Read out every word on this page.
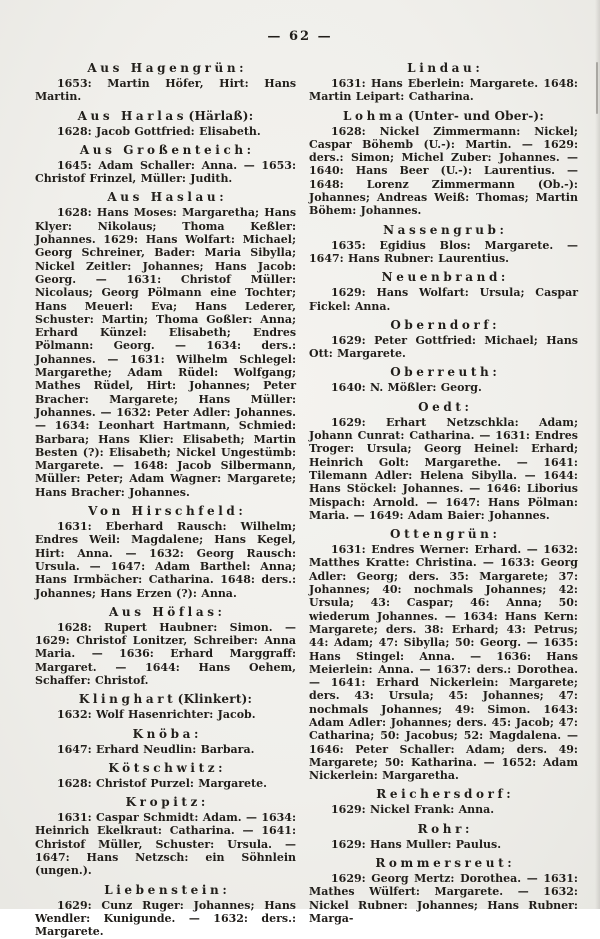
— 62 —
Aus Hagengrün:

1653: Martin Höfer, Hirt: Hans Martin.

Aus Harlas(Härlaß):

1628: Jacob Gottfried: Elisabeth.

Aus Großenteich:

1645: Adam Schaller: Anna. — 1653: Christof Frinzel, Müller: Judith.

Aus Haslau:

1628: Hans Moses: Margaretha; Hans Klyer: Nikolaus; Thoma Keßler: Johannes. 1629: Hans Wolfart: Michael; Georg Schreiner, Bader: Maria Sibylla; Nickel Zeitler: Johannes; Hans Jacob: Georg. — 1631: Christof Müller: Nicolaus; Georg Pölmann eine Tochter; Hans Meuerl: Eva; Hans Lederer, Schuster: Martin; Thoma Goßler: Anna; Erhard Künzel: Elisabeth; Endres Pölmann: Georg. — 1634: ders.: Johannes. — 1631: Wilhelm Schlegel: Margarethe; Adam Rüdel: Wolfgang; Mathes Rüdel, Hirt: Johannes; Peter Bracher: Margarete; Hans Müller: Johannes. — 1632: Peter Adler: Johannes. — 1634: Leonhart Hartmann, Schmied: Barbara; Hans Klier: Elisabeth; Martin Besten (?): Elisabeth; Nickel Ungestümb: Margarete. — 1648: Jacob Silbermann, Müller: Peter; Adam Wagner: Margarete; Hans Bracher: Johannes.

Von Hirschfeld:

1631: Eberhard Rausch: Wilhelm; Endres Weil: Magdalene; Hans Kegel, Hirt: Anna. — 1632: Georg Rausch: Ursula. — 1647: Adam Barthel: Anna; Hans Irmbächer: Catharina. 1648: ders.: Johannes; Hans Erzen (?): Anna.

Aus Höflas:

1628: Rupert Haubner: Simon. — 1629: Christof Lonitzer, Schreiber: Anna Maria. — 1636: Erhard Marggraff: Margaret. — 1644: Hans Oehem, Schaffer: Christof.

Klinghart(Klinkert):

1632: Wolf Hasenrichter: Jacob.

Knöba:

1647: Erhard Neudlin: Barbara.

Kötschwitz:

1628: Christof Purzel: Margarete.

Kropitz:

1631: Caspar Schmidt: Adam. — 1634: Heinrich Ekelkraut: Catharina. — 1641: Christof Müller, Schuster: Ursula. — 1647: Hans Netzsch: ein Söhnlein (ungen.).

Liebenstein:

1629: Cunz Ruger: Johannes; Hans Wendler: Kunigunde. — 1632: ders.: Margarete.

Lindau:

1631: Hans Eberlein: Margarete. 1648: Martin Leipart: Catharina.

Lohma(Unter- und Ober-):

1628: Nickel Zimmermann: Nickel; Caspar Böhemb (U.-): Martin. — 1629: ders.: Simon; Michel Zuber: Johannes. — 1640: Hans Beer (U.-): Laurentius. — 1648: Lorenz Zimmermann (Ob.-): Johannes; Andreas Weiß: Thomas; Martin Böhem: Johannes.

Nassengrub:

1635: Egidius Blos: Margarete. — 1647: Hans Rubner: Laurentius.

Neuenbrand:

1629: Hans Wolfart: Ursula; Caspar Fickel: Anna.

Oberndorf:

1629: Peter Gottfried: Michael; Hans Ott: Margarete.

Oberreuth:

1640: N. Mößler: Georg.

Oedt:

1629: Erhart Netzschkla: Adam; Johann Cunrat: Catharina. — 1631: Endres Troger: Ursula; Georg Heinel: Erhard; Heinrich Golt: Margarethe. — 1641: Tilemann Adler: Helena Sibylla. — 1644: Hans Stöckel: Johannes. — 1646: Liborius Mispach: Arnold. — 1647: Hans Pölman: Maria. — 1649: Adam Baier: Johannes.

Ottengrün:

1631: Endres Werner: Erhard. — 1632: Matthes Kratte: Christina. — 1633: Georg Adler: Georg; ders. 35: Margarete; 37: Johannes; 40: nochmals Johannes; 42: Ursula; 43: Caspar; 46: Anna; 50: wiederum Johannes. — 1634: Hans Kern: Margarete; ders. 38: Erhard; 43: Petrus; 44: Adam; 47: Sibylla; 50: Georg. — 1635: Hans Stingel: Anna. — 1636: Hans Meierlein: Anna. — 1637: ders.: Dorothea. — 1641: Erhard Nickerlein: Margarete; ders. 43: Ursula; 45: Johannes; 47: nochmals Johannes; 49: Simon. 1643: Adam Adler: Johannes; ders. 45: Jacob; 47: Catharina; 50: Jacobus; 52: Magdalena. — 1646: Peter Schaller: Adam; ders. 49: Margarete; 50: Katharina. — 1652: Adam Nickerlein: Margaretha.

Reichersdorf:

1629: Nickel Frank: Anna.

Rohr:

1629: Hans Muller: Paulus.

Rommersreut:

1629: Georg Mertz: Dorothea. — 1631: Mathes Wülfert: Margarete. — 1632: Nickel Rubner: Johannes; Hans Rubner: Marga-
